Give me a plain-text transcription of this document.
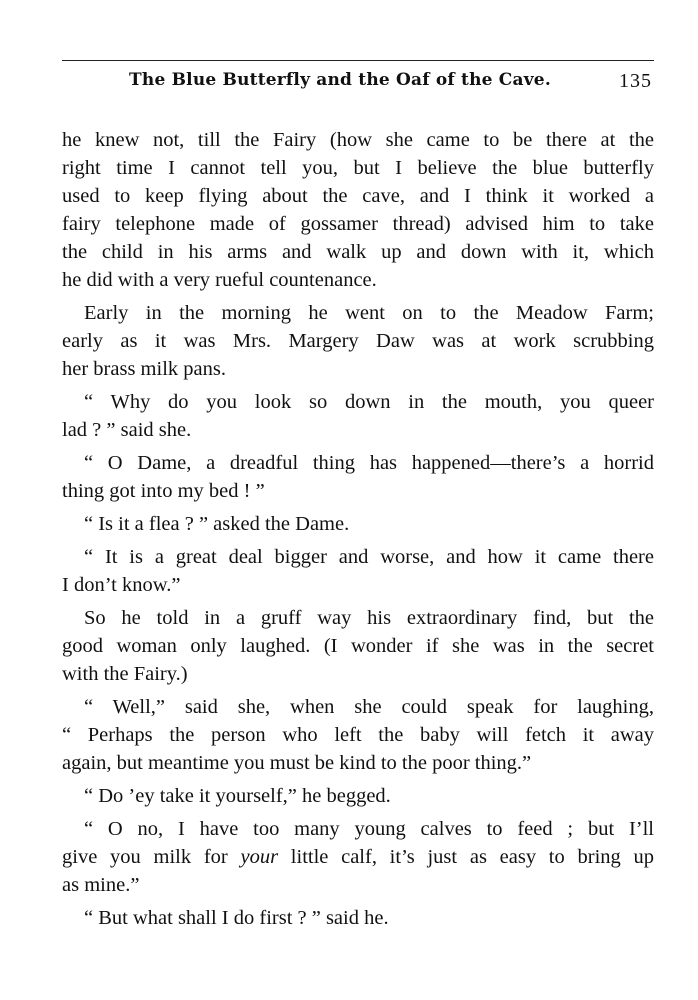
The Blue Butterfly and the Oaf of the Cave.	135

he knew not, till the Fairy (how she came to be there at the

right time I cannot tell you, but I believe the blue butterfly

used to keep flying about the cave, and I think it worked a

fairy telephone made of gossamer thread) advised him to take

the child in his arms and walk up and down with it, which

he did with a very rueful countenance.

Early in the morning he went on to the Meadow Farm;

early as it was Mrs. Margery Daw was at work scrubbing

her brass milk pans.

“ Why do you look so down in the mouth, you queer

lad ? ” said she.

“ O Dame, a dreadful thing has happened—there’s a horrid

thing got into my bed ! ”

“ Is it a flea ? ” asked the Dame.

“ It is a great deal bigger and worse, and how it came there

I don’t know.”

So he told in a gruff way his extraordinary find, but the

good woman only laughed. (I wonder if she was in the secret

with the Fairy.)

“ Well,” said she, when she could speak for laughing,

“ Perhaps the person who left the baby will fetch it away

again, but meantime you must be kind to the poor thing.”

“ Do ’ey take it yourself,” he begged.

“ O no, I have too many young calves to feed ; but I’ll

give you milk for your little calf, it’s just as easy to bring up

as mine.”

“ But what shall I do first ? ” said he.
